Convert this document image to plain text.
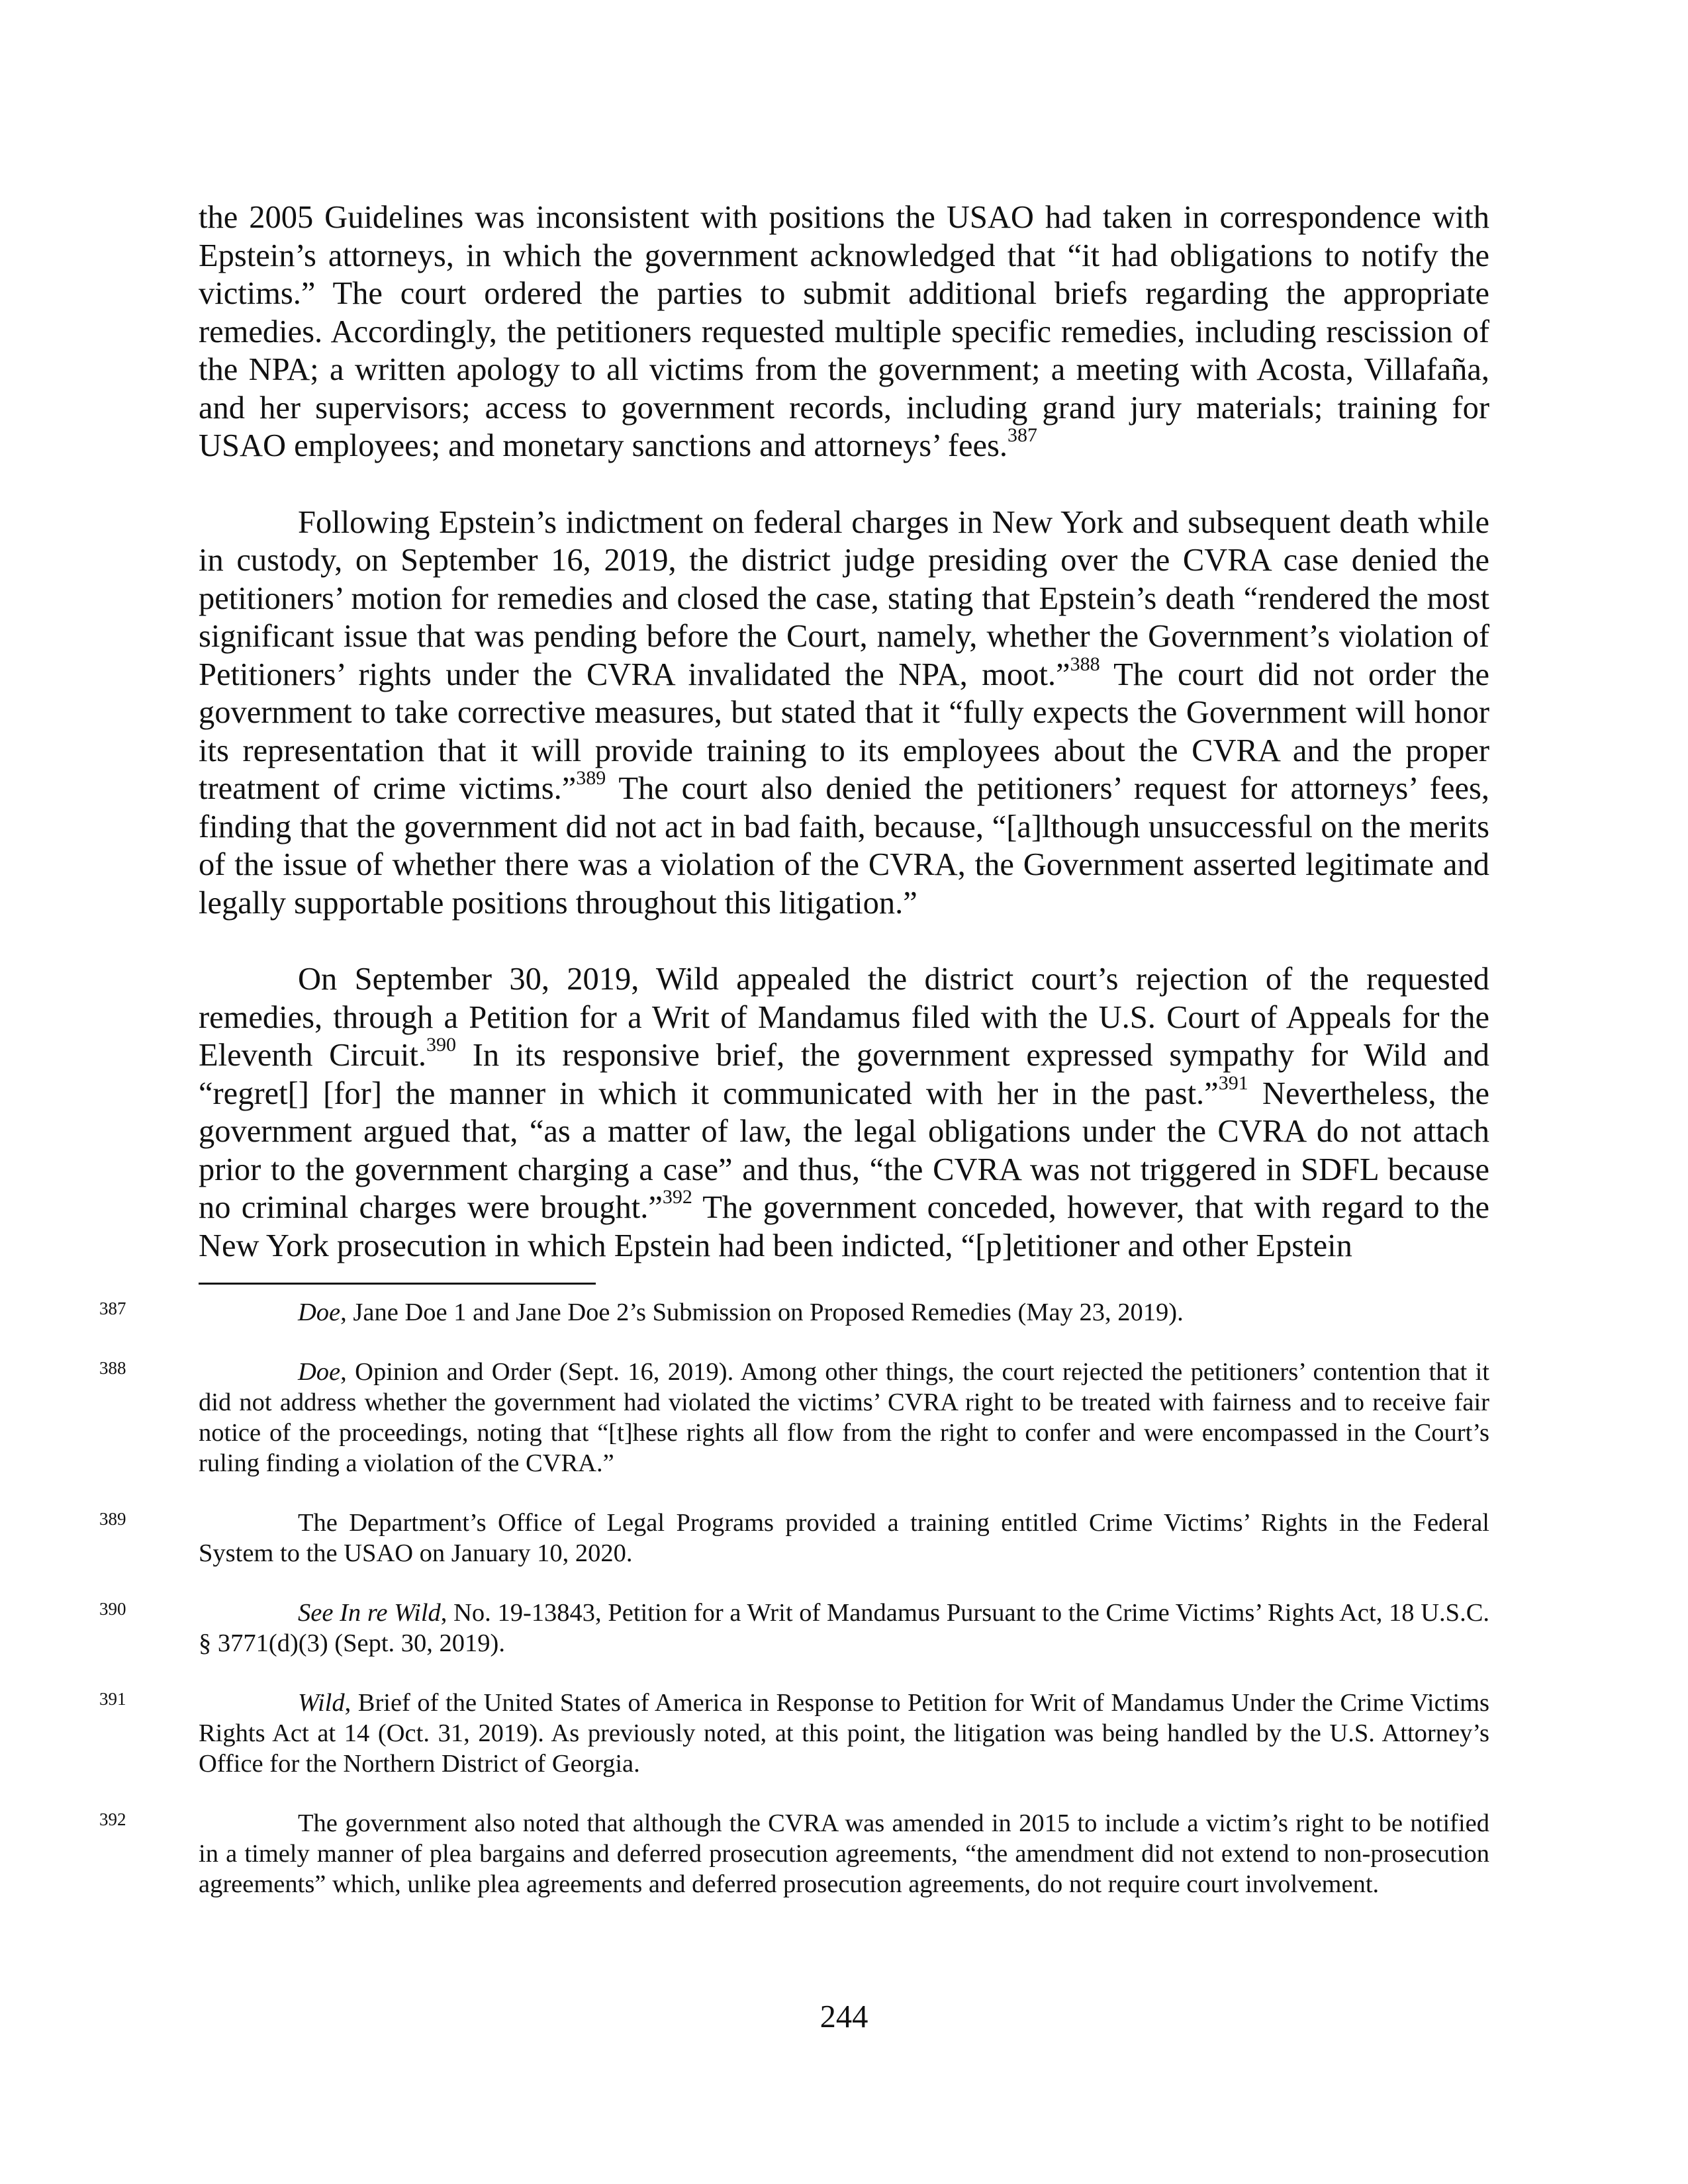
the 2005 Guidelines was inconsistent with positions the USAO had taken in correspondence with Epstein’s attorneys, in which the government acknowledged that “it had obligations to notify the victims.” The court ordered the parties to submit additional briefs regarding the appropriate remedies. Accordingly, the petitioners requested multiple specific remedies, including rescission of the NPA; a written apology to all victims from the government; a meeting with Acosta, Villafaña, and her supervisors; access to government records, including grand jury materials; training for USAO employees; and monetary sanctions and attorneys’ fees.$^{387}$

Following Epstein’s indictment on federal charges in New York and subsequent death while in custody, on September 16, 2019, the district judge presiding over the CVRA case denied the petitioners’ motion for remedies and closed the case, stating that Epstein’s death “rendered the most significant issue that was pending before the Court, namely, whether the Government’s violation of Petitioners’ rights under the CVRA invalidated the NPA, moot.”$^{388}$ The court did not order the government to take corrective measures, but stated that it “fully expects the Government will honor its representation that it will provide training to its employees about the CVRA and the proper treatment of crime victims.”$^{389}$ The court also denied the petitioners’ request for attorneys’ fees, finding that the government did not act in bad faith, because, “[a]lthough unsuccessful on the merits of the issue of whether there was a violation of the CVRA, the Government asserted legitimate and legally supportable positions throughout this litigation.”

On September 30, 2019, Wild appealed the district court’s rejection of the requested remedies, through a Petition for a Writ of Mandamus filed with the U.S. Court of Appeals for the Eleventh Circuit.$^{390}$ In its responsive brief, the government expressed sympathy for Wild and “regret[] [for] the manner in which it communicated with her in the past.”$^{391}$ Nevertheless, the government argued that, “as a matter of law, the legal obligations under the CVRA do not attach prior to the government charging a case” and thus, “the CVRA was not triggered in SDFL because no criminal charges were brought.”$^{392}$ The government conceded, however, that with regard to the New York prosecution in which Epstein had been indicted, “[p]etitioner and other Epstein

387	Doe, Jane Doe 1 and Jane Doe 2’s Submission on Proposed Remedies (May 23, 2019).
388	Doe, Opinion and Order (Sept. 16, 2019). Among other things, the court rejected the petitioners’ contention that it did not address whether the government had violated the victims’ CVRA right to be treated with fairness and to receive fair notice of the proceedings, noting that “[t]hese rights all flow from the right to confer and were encompassed in the Court’s ruling finding a violation of the CVRA.”
389	The Department’s Office of Legal Programs provided a training entitled Crime Victims’ Rights in the Federal System to the USAO on January 10, 2020.
390	See In re Wild, No. 19-13843, Petition for a Writ of Mandamus Pursuant to the Crime Victims’ Rights Act, 18 U.S.C. § 3771(d)(3) (Sept. 30, 2019).
391	Wild, Brief of the United States of America in Response to Petition for Writ of Mandamus Under the Crime Victims Rights Act at 14 (Oct. 31, 2019). As previously noted, at this point, the litigation was being handled by the U.S. Attorney’s Office for the Northern District of Georgia.
392	The government also noted that although the CVRA was amended in 2015 to include a victim’s right to be notified in a timely manner of plea bargains and deferred prosecution agreements, “the amendment did not extend to non-prosecution agreements” which, unlike plea agreements and deferred prosecution agreements, do not require court involvement.
244
